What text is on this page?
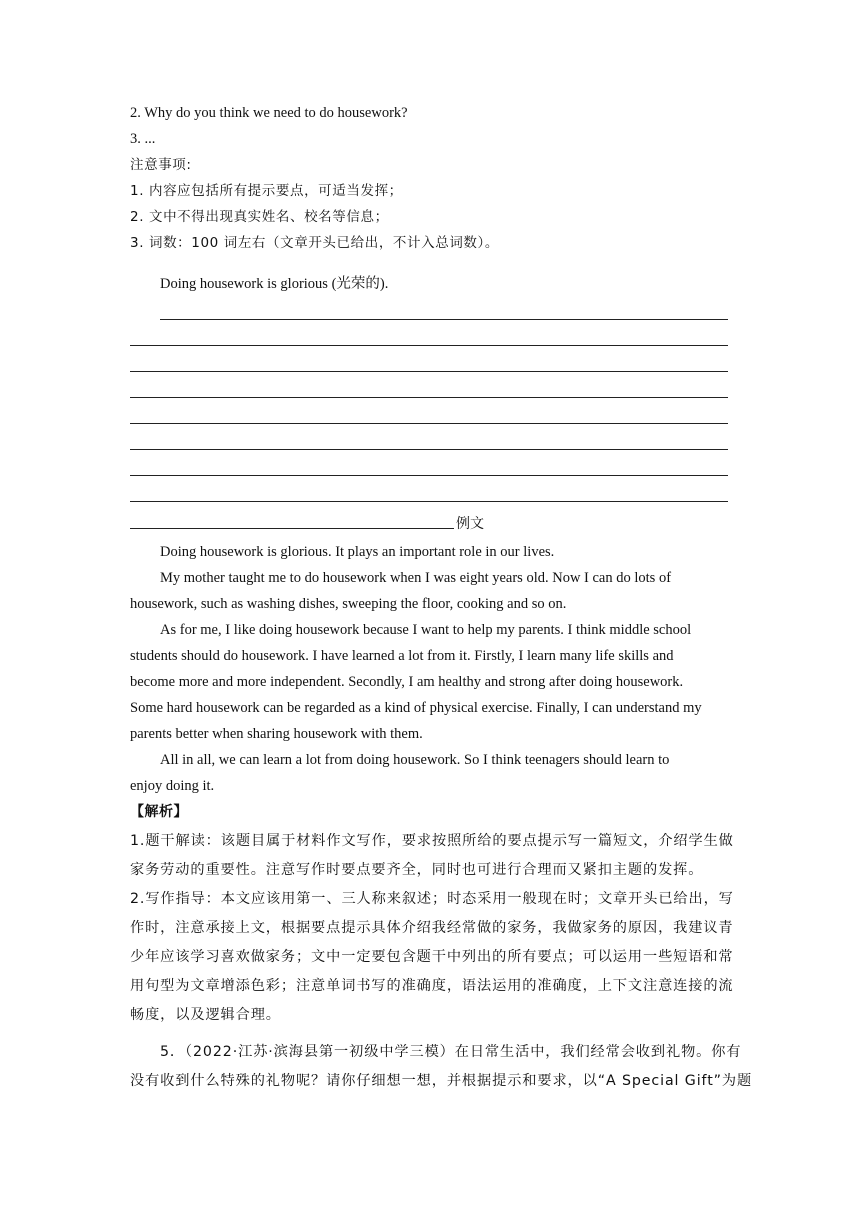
2. Why do you think we need to do housework?
3. ...
注意事项:
1. 内容应包括所有提示要点，可适当发挥；
2. 文中不得出现真实姓名、校名等信息；
3. 词数：100 词左右（文章开头已给出，不计入总词数）。
Doing housework is glorious (光荣的).
例文
Doing housework is glorious. It plays an important role in our lives.
My mother taught me to do housework when I was eight years old. Now I can do lots of
housework, such as washing dishes, sweeping the floor, cooking and so on.
As for me, I like doing housework because I want to help my parents. I think middle school
students should do housework. I have learned a lot from it. Firstly, I learn many life skills and
become more and more independent. Secondly, I am healthy and strong after doing housework.
Some hard housework can be regarded as a kind of physical exercise. Finally, I can understand my
parents better when sharing housework with them.
All in all, we can learn a lot from doing housework. So I think teenagers should learn to
enjoy doing it.
【解析】
1.题干解读：该题目属于材料作文写作，要求按照所给的要点提示写一篇短文，介绍学生做
家务劳动的重要性。注意写作时要点要齐全，同时也可进行合理而又紧扣主题的发挥。
2.写作指导：本文应该用第一、三人称来叙述；时态采用一般现在时；文章开头已给出，写
作时，注意承接上文，根据要点提示具体介绍我经常做的家务，我做家务的原因，我建议青
少年应该学习喜欢做家务；文中一定要包含题干中列出的所有要点；可以运用一些短语和常
用句型为文章增添色彩；注意单词书写的准确度，语法运用的准确度，上下文注意连接的流
畅度，以及逻辑合理。
5．（2022·江苏·滨海县第一初级中学三模）在日常生活中，我们经常会收到礼物。你有
没有收到什么特殊的礼物呢？请你仔细想一想，并根据提示和要求，以“A Special Gift”为题
